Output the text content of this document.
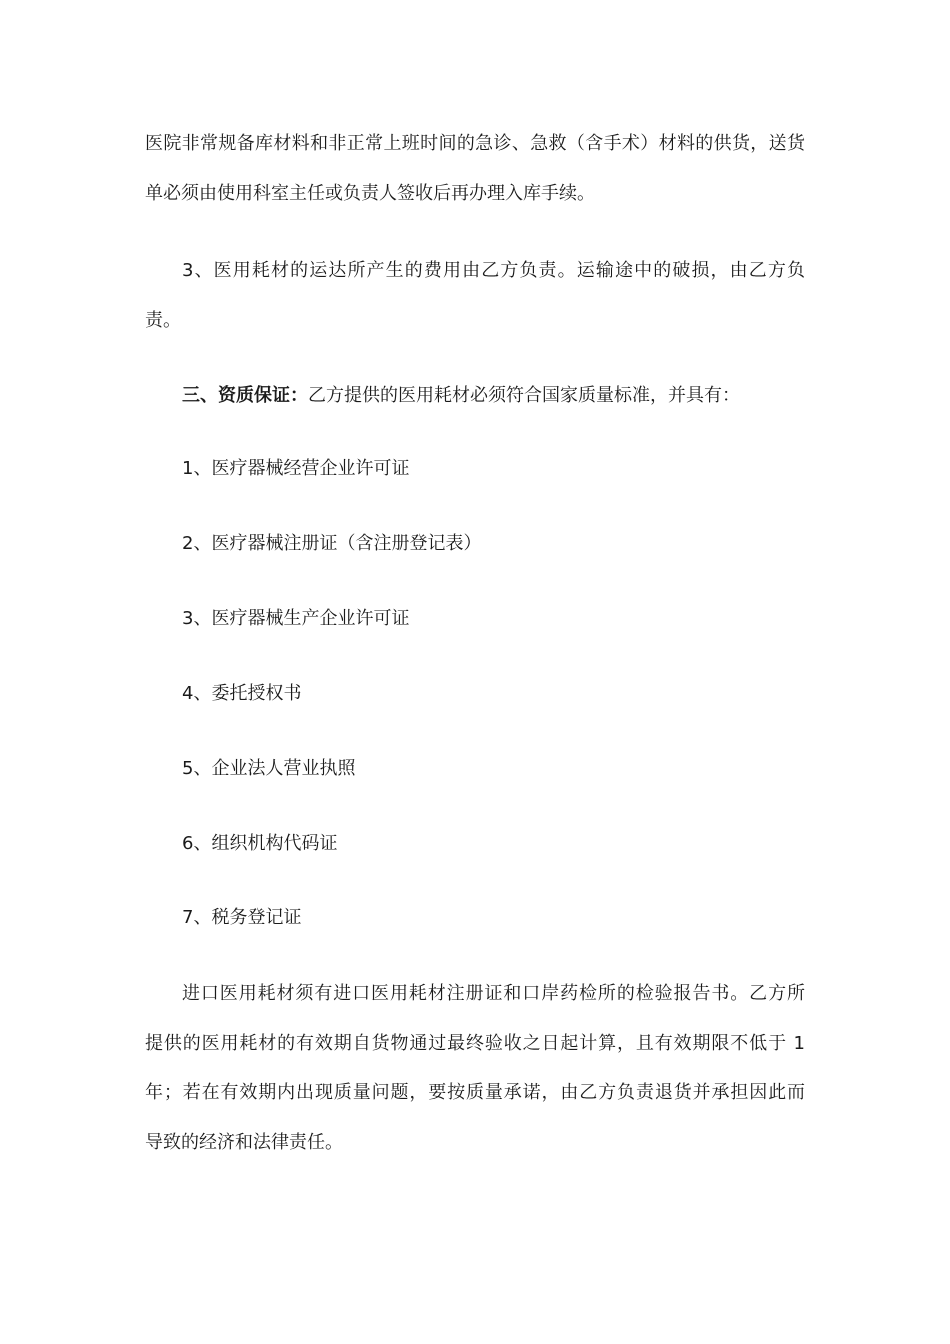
医院非常规备库材料和非正常上班时间的急诊、急救（含手术）材料的供货，送货

单必须由使用科室主任或负责人签收后再办理入库手续。

3、医用耗材的运达所产生的费用由乙方负责。运输途中的破损，由乙方负

责。

三、资质保证：乙方提供的医用耗材必须符合国家质量标准，并具有：

1、医疗器械经营企业许可证

2、医疗器械注册证（含注册登记表）

3、医疗器械生产企业许可证

4、委托授权书

5、企业法人营业执照

6、组织机构代码证

7、税务登记证

进口医用耗材须有进口医用耗材注册证和口岸药检所的检验报告书。乙方所

提供的医用耗材的有效期自货物通过最终验收之日起计算，且有效期限不低于 1

年；若在有效期内出现质量问题，要按质量承诺，由乙方负责退货并承担因此而

导致的经济和法律责任。
